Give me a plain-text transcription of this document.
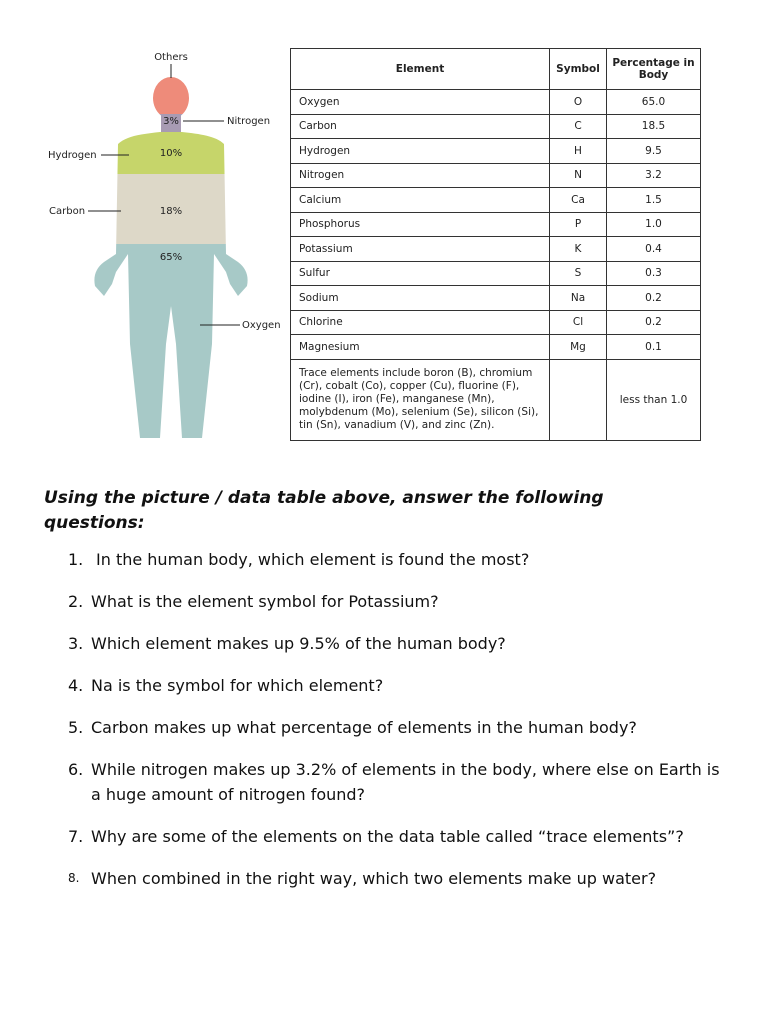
Others
3%	Nitrogen
Hydrogen	10%
Carbon	18%
65%
Oxygen
Element	Symbol	Percentage in Body
Oxygen	O	65.0
Carbon	C	18.5
Hydrogen	H	9.5
Nitrogen	N	3.2
Calcium	Ca	1.5
Phosphorus	P	1.0
Potassium	K	0.4
Sulfur	S	0.3
Sodium	Na	0.2
Chlorine	Cl	0.2
Magnesium	Mg	0.1
Trace elements include boron (B), chromium (Cr), cobalt (Co), copper (Cu), fluorine (F), iodine (I), iron (Fe), manganese (Mn), molybdenum (Mo), selenium (Se), silicon (Si), tin (Sn), vanadium (V), and zinc (Zn).		less than 1.0

Using the picture / data table above, answer the following questions:

1. In the human body, which element is found the most?
2. What is the element symbol for Potassium?
3. Which element makes up 9.5% of the human body?
4. Na is the symbol for which element?
5. Carbon makes up what percentage of elements in the human body?
6. While nitrogen makes up 3.2% of elements in the body, where else on Earth is a huge amount of nitrogen found?
7. Why are some of the elements on the data table called “trace elements”?
8. When combined in the right way, which two elements make up water?
